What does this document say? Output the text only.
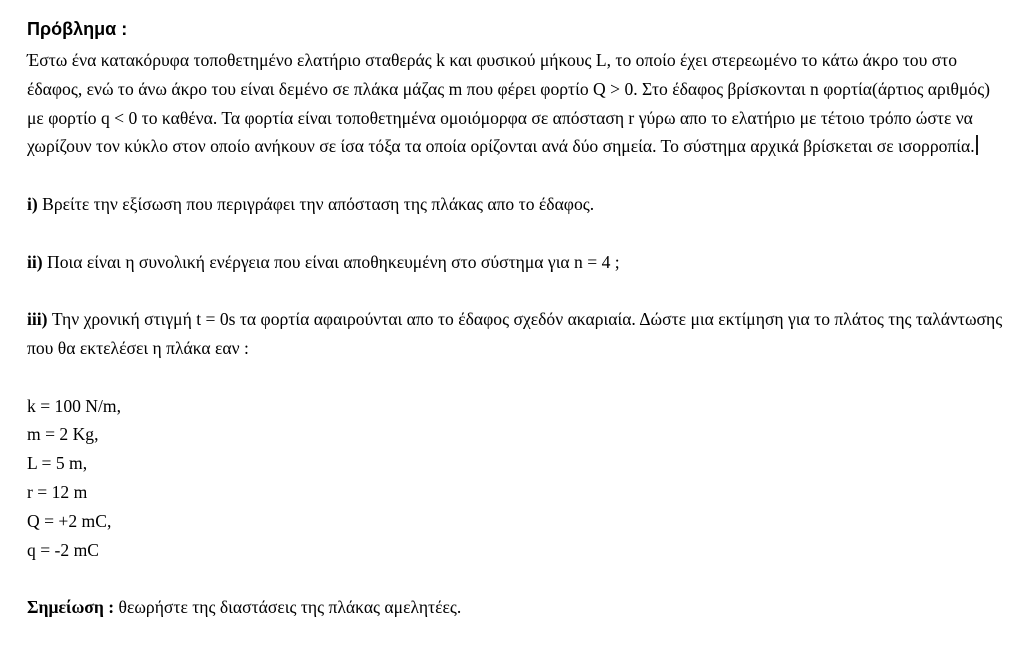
Πρόβλημα :

Έστω ένα κατακόρυφα τοποθετημένο ελατήριο σταθεράς k και φυσικού μήκους L, το οποίο έχει στερεωμένο το κάτω άκρο του στο έδαφος, ενώ το άνω άκρο του είναι δεμένο σε πλάκα μάζας m που φέρει φορτίο Q > 0. Στο έδαφος βρίσκονται n φορτία(άρτιος αριθμός) με φορτίο q < 0 το καθένα. Τα φορτία είναι τοποθετημένα ομοιόμορφα σε απόσταση r γύρω απο το ελατήριο με τέτοιο τρόπο ώστε να χωρίζουν τον κύκλο στον οποίο ανήκουν σε ίσα τόξα τα οποία ορίζονται ανά δύο σημεία. Το σύστημα αρχικά βρίσκεται σε ισορροπία.

i) Βρείτε την εξίσωση που περιγράφει την απόσταση της πλάκας απο το έδαφος.

ii) Ποια είναι η συνολική ενέργεια που είναι αποθηκευμένη στο σύστημα για n = 4 ;

iii) Την χρονική στιγμή t = 0s τα φορτία αφαιρούνται απο το έδαφος σχεδόν ακαριαία. Δώστε μια εκτίμηση για το πλάτος της ταλάντωσης που θα εκτελέσει η πλάκα εαν :

k = 100 N/m,
m = 2 Kg,
L = 5 m,
r = 12 m
Q = +2 mC,
q = -2 mC

Σημείωση : θεωρήστε της διαστάσεις της πλάκας αμελητέες.
